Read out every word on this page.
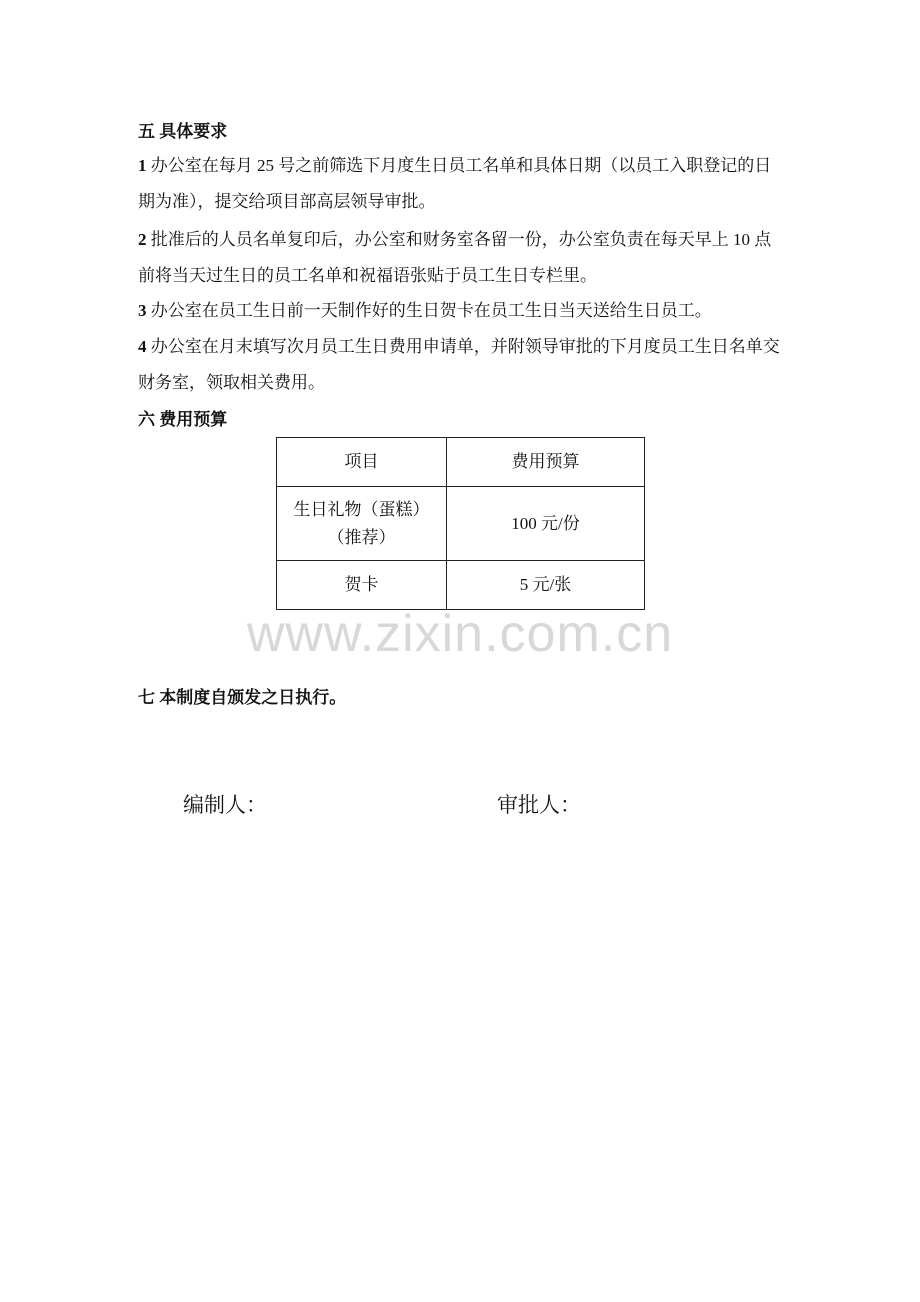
五 具体要求

1 办公室在每月 25 号之前筛选下月度生日员工名单和具体日期（以员工入职登记的日期为准），提交给项目部高层领导审批。

2 批准后的人员名单复印后，办公室和财务室各留一份，办公室负责在每天早上 10 点前将当天过生日的员工名单和祝福语张贴于员工生日专栏里。

3 办公室在员工生日前一天制作好的生日贺卡在员工生日当天送给生日员工。

4 办公室在月末填写次月员工生日费用申请单，并附领导审批的下月度员工生日名单交财务室，领取相关费用。

六 费用预算
项目	费用预算

生日礼物（蛋糕）
（推荐）	100 元/份
贺卡	5 元/张
www.zixin.com.cn
七 本制度自颁发之日执行。
编制人：	审批人：
